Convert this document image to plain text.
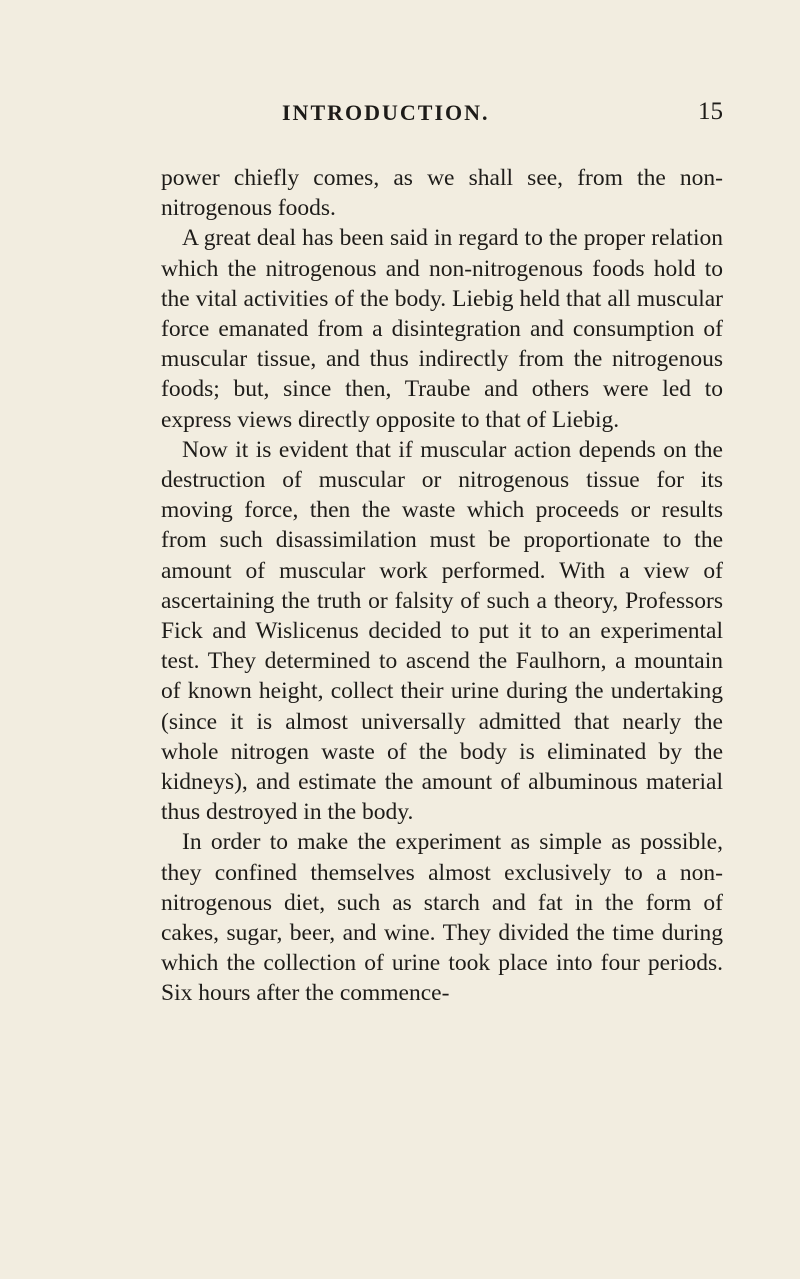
INTRODUCTION.	15

power chiefly comes, as we shall see, from the non-nitrogenous foods.

A great deal has been said in regard to the proper relation which the nitrogenous and non-nitrogenous foods hold to the vital activities of the body. Liebig held that all muscular force emanated from a disintegration and consumption of muscular tissue, and thus indirectly from the nitrogenous foods; but, since then, Traube and others were led to express views directly opposite to that of Liebig.

Now it is evident that if muscular action depends on the destruction of muscular or nitrogenous tissue for its moving force, then the waste which proceeds or results from such disassimilation must be proportionate to the amount of muscular work performed. With a view of ascertaining the truth or falsity of such a theory, Professors Fick and Wislicenus decided to put it to an experimental test. They determined to ascend the Faulhorn, a mountain of known height, collect their urine during the undertaking (since it is almost universally admitted that nearly the whole nitrogen waste of the body is eliminated by the kidneys), and estimate the amount of albuminous material thus destroyed in the body.

In order to make the experiment as simple as possible, they confined themselves almost exclusively to a non-nitrogenous diet, such as starch and fat in the form of cakes, sugar, beer, and wine. They divided the time during which the collection of urine took place into four periods. Six hours after the commence-
